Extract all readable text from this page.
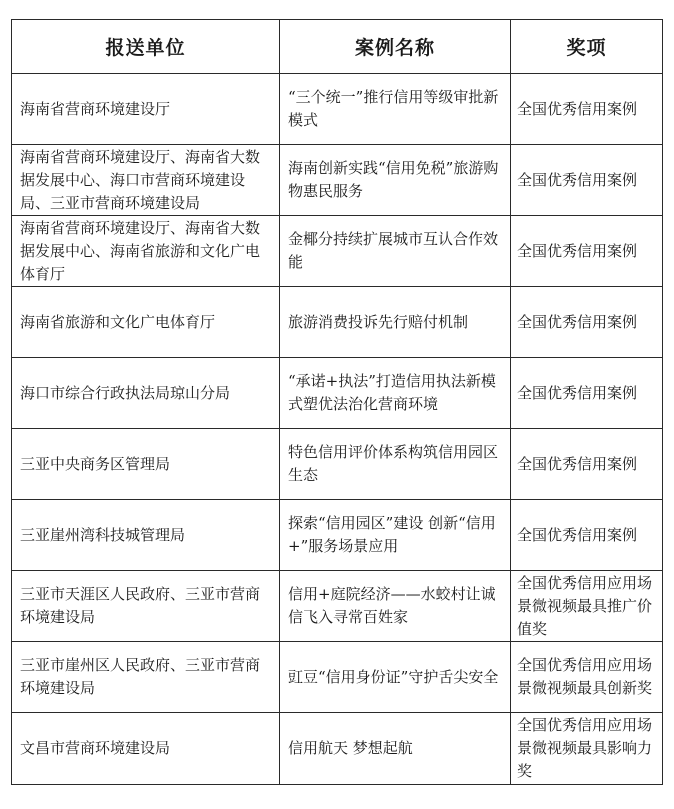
报送单位	案例名称	奖项
海南省营商环境建设厅	“三个统一”推行信用等级审批新模式	全国优秀信用案例
海南省营商环境建设厅、海南省大数据发展中心、海口市营商环境建设局、三亚市营商环境建设局	海南创新实践“信用免税”旅游购物惠民服务	全国优秀信用案例
海南省营商环境建设厅、海南省大数据发展中心、海南省旅游和文化广电体育厅	金椰分持续扩展城市互认合作效能	全国优秀信用案例
海南省旅游和文化广电体育厅	旅游消费投诉先行赔付机制	全国优秀信用案例
海口市综合行政执法局琼山分局	“承诺+执法”打造信用执法新模式塑优法治化营商环境	全国优秀信用案例
三亚中央商务区管理局	特色信用评价体系构筑信用园区生态	全国优秀信用案例
三亚崖州湾科技城管理局	探索“信用园区”建设 创新“信用+”服务场景应用	全国优秀信用案例
三亚市天涯区人民政府、三亚市营商环境建设局	信用+庭院经济——水蛟村让诚信飞入寻常百姓家	全国优秀信用应用场景微视频最具推广价值奖
三亚市崖州区人民政府、三亚市营商环境建设局	豇豆“信用身份证”守护舌尖安全	全国优秀信用应用场景微视频最具创新奖
文昌市营商环境建设局	信用航天 梦想起航	全国优秀信用应用场景微视频最具影响力奖
